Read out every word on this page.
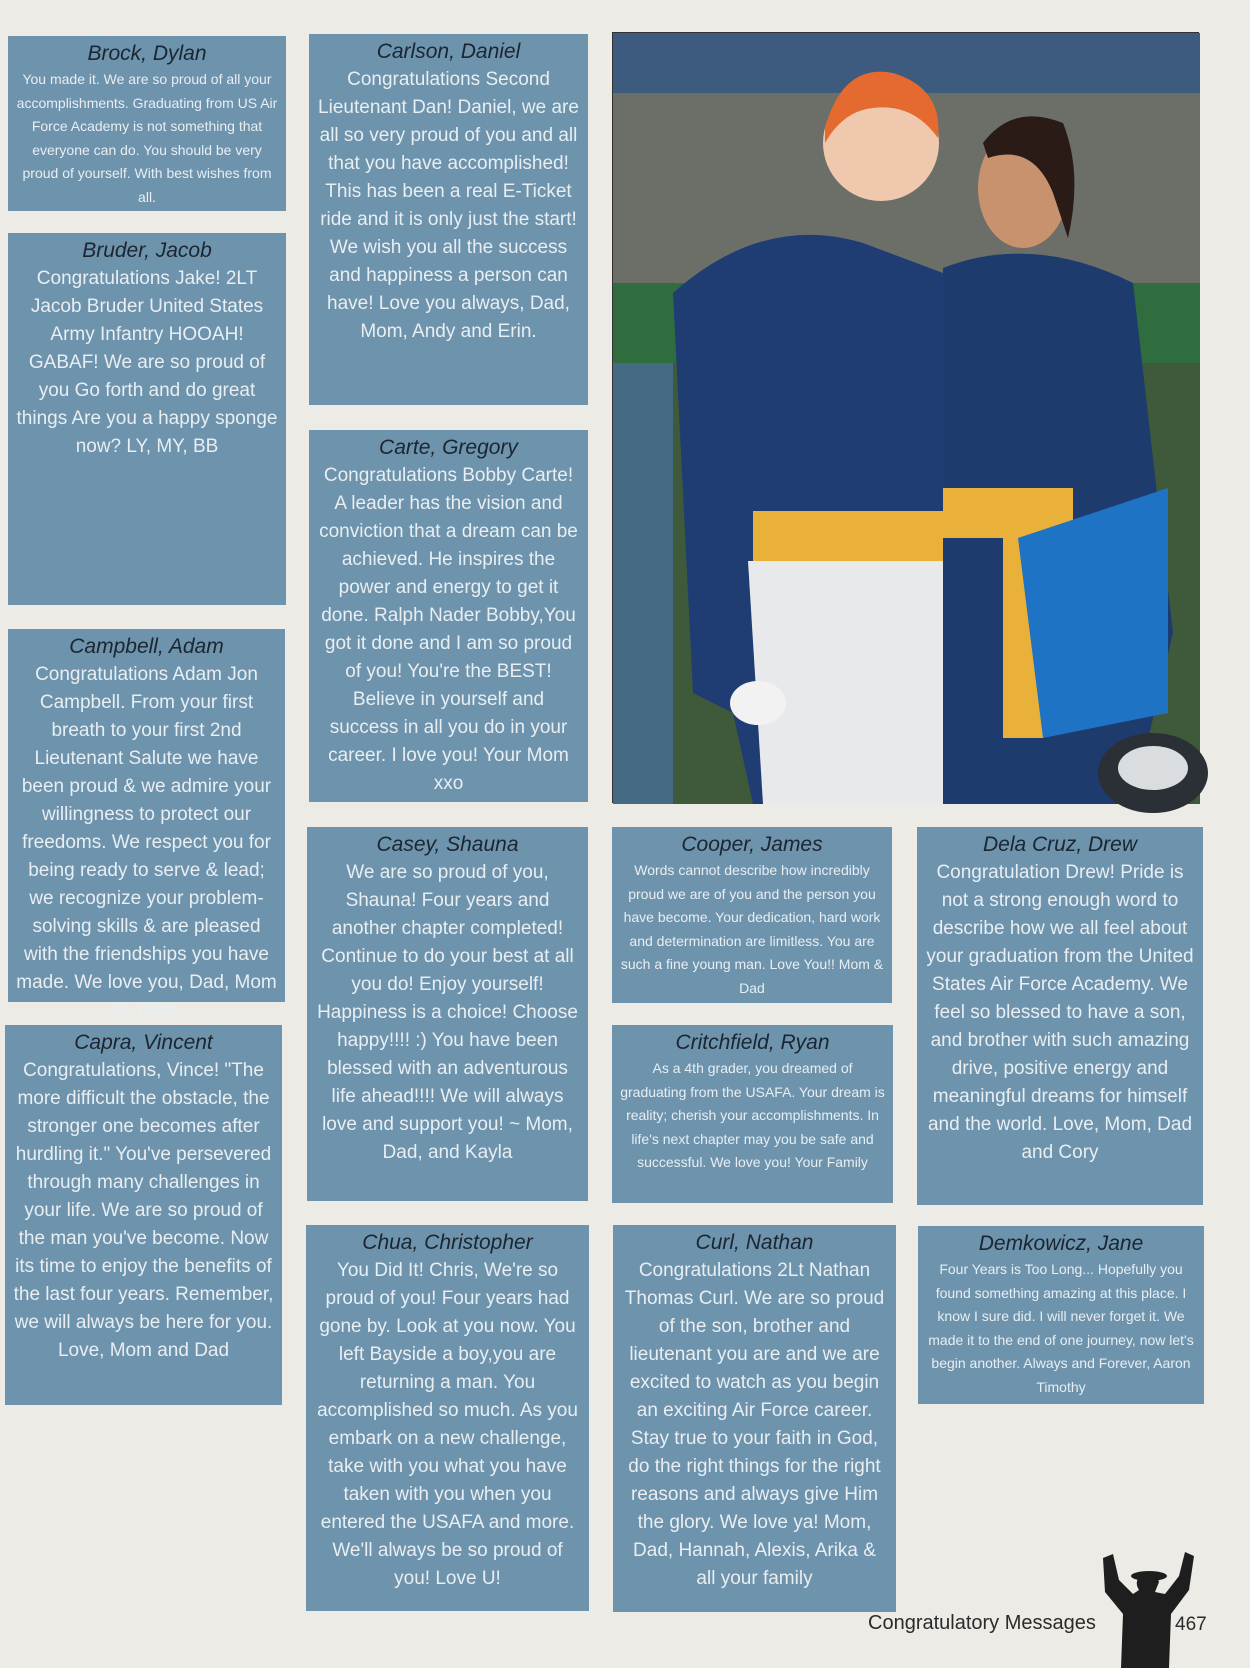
Brock, Dylan
You made it. We are so proud of all your accomplishments. Graduating from US Air Force Academy is not something that everyone can do. You should be very proud of yourself. With best wishes from all.
Bruder, Jacob
Congratulations Jake! 2LT Jacob Bruder United States Army Infantry HOOAH! GABAF! We are so proud of you Go forth and do great things Are you a happy sponge now? LY, MY, BB
Campbell, Adam
Congratulations Adam Jon Campbell. From your first breath to your first 2nd Lieutenant Salute we have been proud & we admire your willingness to protect our freedoms. We respect you for being ready to serve & lead; we recognize your problem-solving skills & are pleased with the friendships you have made. We love you, Dad, Mom & Julee
Capra, Vincent
Congratulations, Vince! "The more difficult the obstacle, the stronger one becomes after hurdling it." You've persevered through many challenges in your life. We are so proud of the man you've become. Now its time to enjoy the benefits of the last four years. Remember, we will always be here for you. Love, Mom and Dad
Carlson, Daniel
Congratulations Second Lieutenant Dan! Daniel, we are all so very proud of you and all that you have accomplished! This has been a real E-Ticket ride and it is only just the start! We wish you all the success and happiness a person can have! Love you always, Dad, Mom, Andy and Erin.
Carte, Gregory
Congratulations Bobby Carte! A leader has the vision and conviction that a dream can be achieved. He inspires the power and energy to get it done. Ralph Nader Bobby,You got it done and I am so proud of you! You're the BEST! Believe in yourself and success in all you do in your career. I love you! Your Mom xxo
Casey, Shauna
We are so proud of you, Shauna! Four years and another chapter completed! Continue to do your best at all you do! Enjoy yourself! Happiness is a choice! Choose happy!!!! :) You have been blessed with an adventurous life ahead!!!! We will always love and support you! ~ Mom, Dad, and Kayla
Chua, Christopher
You Did It! Chris, We're so proud of you! Four years had gone by. Look at you now. You left Bayside a boy,you are returning a man. You accomplished so much. As you embark on a new challenge, take with you what you have taken with you when you entered the USAFA and more. We'll always be so proud of you! Love U!
Cooper, James
Words cannot describe how incredibly proud we are of you and the person you have become. Your dedication, hard work and determination are limitless. You are such a fine young man. Love You!! Mom & Dad
Critchfield, Ryan
As a 4th grader, you dreamed of graduating from the USAFA. Your dream is reality; cherish your accomplishments. In life's next chapter may you be safe and successful. We love you! Your Family
Curl, Nathan
Congratulations 2Lt Nathan Thomas Curl. We are so proud of the son, brother and lieutenant you are and we are excited to watch as you begin an exciting Air Force career. Stay true to your faith in God, do the right things for the right reasons and always give Him the glory. We love ya! Mom, Dad, Hannah, Alexis, Arika & all your family
Dela Cruz, Drew
Congratulation Drew! Pride is not a strong enough word to describe how we all feel about your graduation from the United States Air Force Academy. We feel so blessed to have a son, and brother with such amazing drive, positive energy and meaningful dreams for himself and the world. Love, Mom, Dad and Cory
Demkowicz, Jane
Four Years is Too Long... Hopefully you found something amazing at this place. I know I sure did. I will never forget it. We made it to the end of one journey, now let's begin another. Always and Forever, Aaron Timothy
Congratulatory Messages	467
